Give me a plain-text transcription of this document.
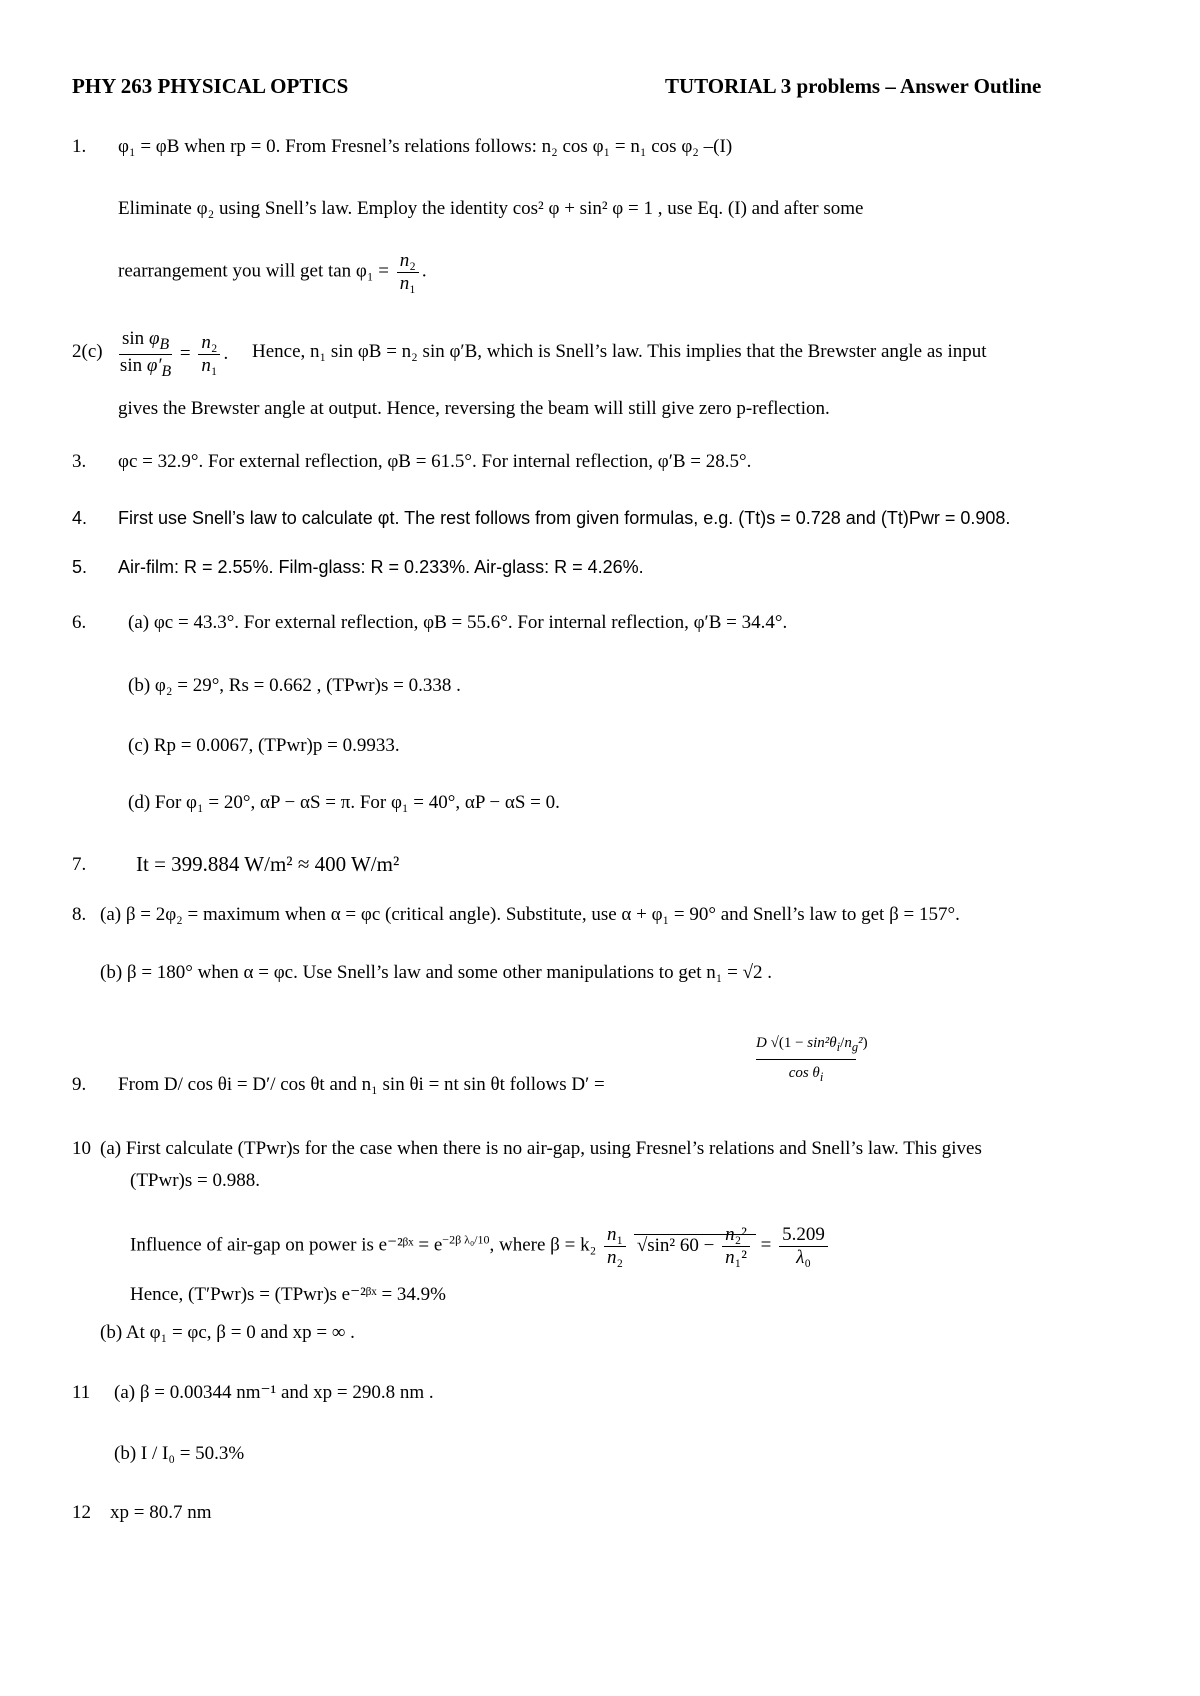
PHY 263 PHYSICAL OPTICS	TUTORIAL 3 problems – Answer Outline
1. φ₁ = φB when rp = 0. From Fresnel’s relations follows: n₂ cos φ₁ = n₁ cos φ₂ –(I)
Eliminate φ₂ using Snell’s law. Employ the identity cos² φ + sin² φ = 1 , use Eq. (I) and after some
rearrangement you will get $\tan \varphi_1 = \frac{\text{n₂}}{\text{n₁}}$ .
$2(c) \frac{\sin \varphi_B}{\sin \varphi'_B} = \frac{\text{n₂}}{\text{n₁}}$ . Hence, n₁ sin φB = n₂ sin φ′B, which is Snell’s law. This implies that the Brewster angle as input
gives the Brewster angle at output. Hence, reversing the beam will still give zero p-reflection.
3. φc = 32.9°. For external reflection, φB = 61.5°. For internal reflection, φ′B = 28.5°.
4. First use Snell’s law to calculate φt. The rest follows from given formulas, e.g. (Tt)s = 0.728 and (Tt)Pwr = 0.908.
5. Air-film: R = 2.55%. Film-glass: R = 0.233%. Air-glass: R = 4.26%.
6. (a) φc = 43.3°. For external reflection, φB = 55.6°. For internal reflection, φ′B = 34.4°.
(b) φ₂ = 29°, Rs = 0.662 , (TPwr)s = 0.338 .
(c) Rp = 0.0067, (TPwr)p = 0.9933.
(d) For φ₁ = 20°, αP − αS = π. For φ₁ = 40°, αP − αS = 0.
7. It = 399.884 W/m² ≈ 400 W/m²
8. (a) β = 2φ₂ = maximum when α = φc (critical angle). Substitute, use α + φ₁ = 90° and Snell’s law to get β = 157°.
(b) β = 180° when α = φc. Use Snell’s law and some other manipulations to get n₁ = √2 .
9. From D/ cos θi = D′/ cos θt and n₁ sin θi = nt sin θt follows D′ =
D $√(1 - \sin^2\theta_i/n_g^2)$
$\cos \theta_i$
10 (a) First calculate (TPwr)s for the case when there is no air-gap, using Fresnel’s relations and Snell’s law. This gives
(TPwr)s = 0.988.
Influence of air-gap on power is e⁻²ᵝˣ = $e^{-2\beta \lambda_0/10}$, where $\beta = k_2 \frac{\text{n₁}}{\text{n₂}} √\sin^2$ $60 - \frac{\text{n₂²}}{\text{n₁²}} = \frac{5.209}{\text{λ₀}}$
Hence, (T′Pwr)s = (TPwr)s e⁻²ᵝˣ = 34.9%
(b) At φ₁ = φc, β = 0 and xp = ∞ .
11 (a) β = 0.00344 nm⁻¹ and xp = 290.8 nm .
(b) I / I₀ = 50.3%
12 xp = 80.7 nm
